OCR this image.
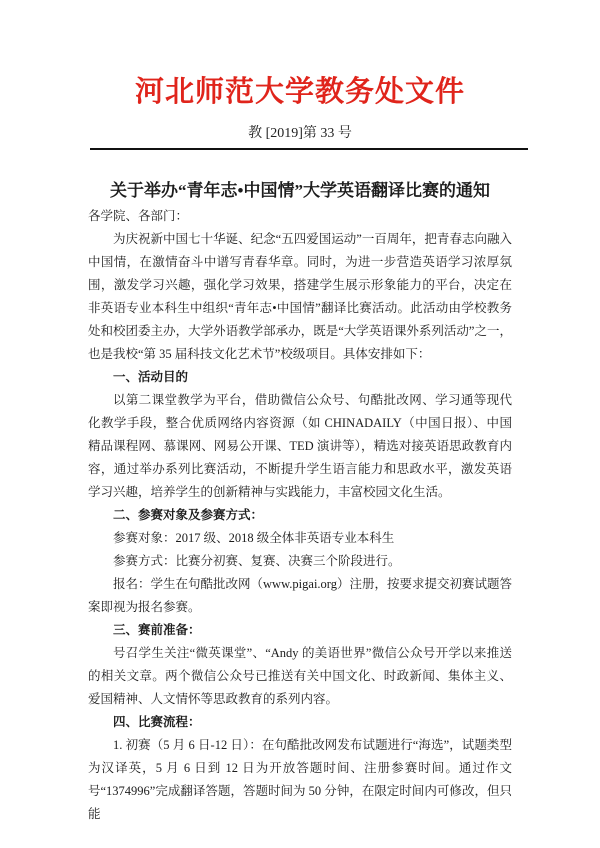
河北师范大学教务处文件
教 [2019]第 33 号
关于举办“青年志•中国情”大学英语翻译比赛的通知
各学院、各部门：
为庆祝新中国七十华诞、纪念“五四爱国运动”一百周年，把青春志向融入中国情，在激情奋斗中谱写青春华章。同时，为进一步营造英语学习浓厚氛围，激发学习兴趣，强化学习效果，搭建学生展示形象能力的平台，决定在非英语专业本科生中组织“青年志•中国情”翻译比赛活动。此活动由学校教务处和校团委主办，大学外语教学部承办，既是“大学英语课外系列活动”之一，也是我校“第 35 届科技文化艺术节”校级项目。具体安排如下：
一、活动目的
以第二课堂教学为平台，借助微信公众号、句酷批改网、学习通等现代化教学手段，整合优质网络内容资源（如 CHINADAILY（中国日报）、中国精品课程网、慕课网、网易公开课、TED 演讲等），精选对接英语思政教育内容，通过举办系列比赛活动，不断提升学生语言能力和思政水平，激发英语学习兴趣，培养学生的创新精神与实践能力，丰富校园文化生活。
二、参赛对象及参赛方式：
参赛对象：2017 级、2018 级全体非英语专业本科生
参赛方式：比赛分初赛、复赛、决赛三个阶段进行。
报名：学生在句酷批改网（www.pigai.org）注册，按要求提交初赛试题答案即视为报名参赛。
三、赛前准备：
号召学生关注“微英课堂”、“Andy 的美语世界”微信公众号开学以来推送的相关文章。两个微信公众号已推送有关中国文化、时政新闻、集体主义、爱国精神、人文情怀等思政教育的系列内容。
四、比赛流程：
1. 初赛（5 月 6 日-12 日）：在句酷批改网发布试题进行“海选”，试题类型为汉译英，5 月 6 日到 12 日为开放答题时间、注册参赛时间。通过作文号“1374996”完成翻译答题，答题时间为 50 分钟，在限定时间内可修改，但只能
